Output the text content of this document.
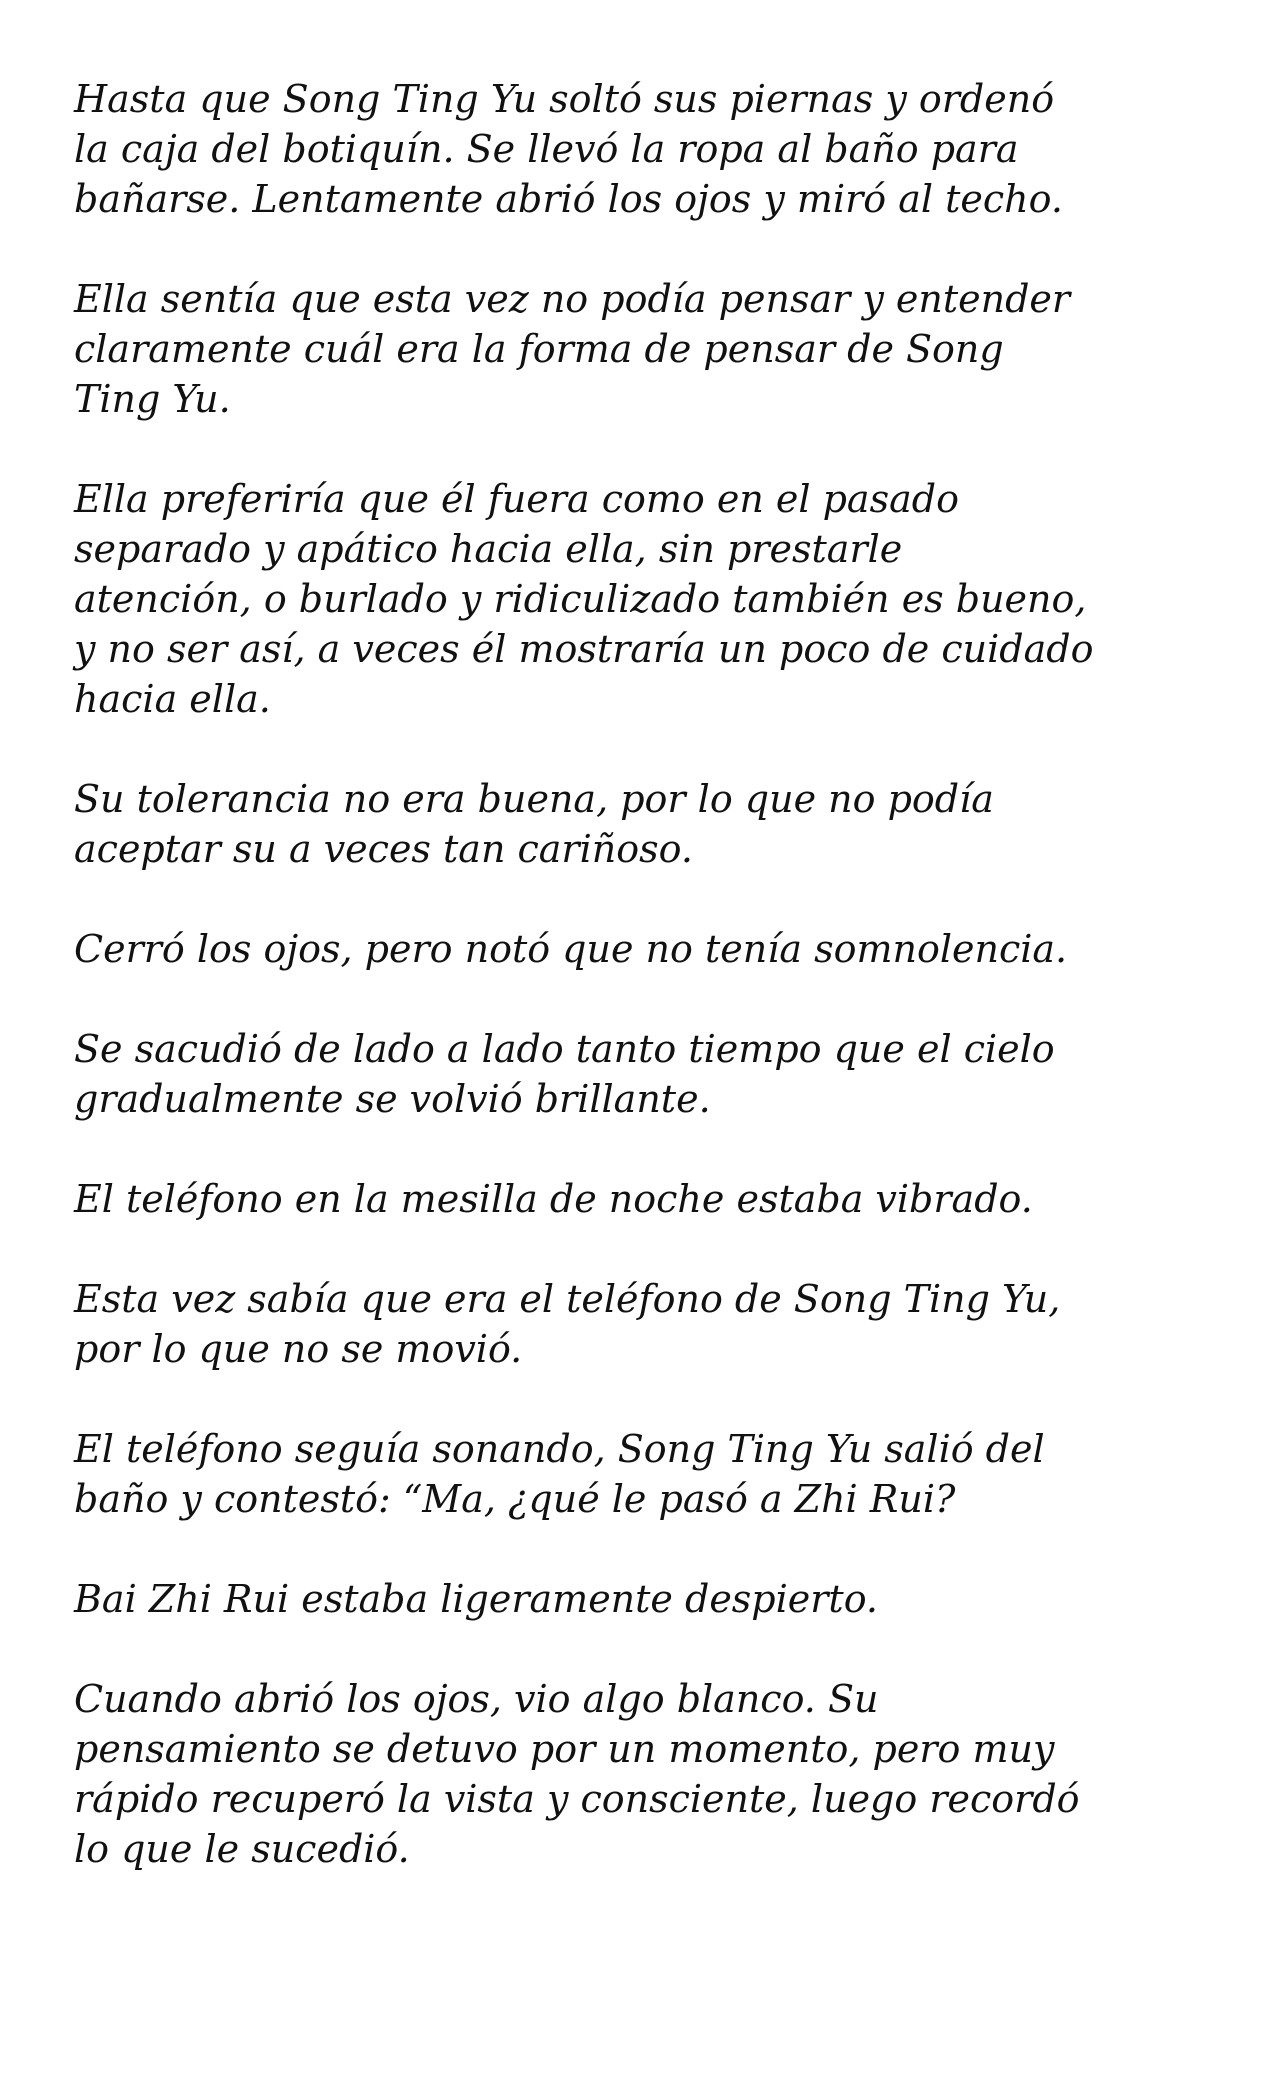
Hasta que Song Ting Yu soltó sus piernas y ordenó
la caja del botiquín. Se llevó la ropa al baño para
bañarse. Lentamente abrió los ojos y miró al techo.

Ella sentía que esta vez no podía pensar y entender
claramente cuál era la forma de pensar de Song
Ting Yu.

Ella preferiría que él fuera como en el pasado
separado y apático hacia ella, sin prestarle
atención, o burlado y ridiculizado también es bueno,
y no ser así, a veces él mostraría un poco de cuidado
hacia ella.

Su tolerancia no era buena, por lo que no podía
aceptar su a veces tan cariñoso.

Cerró los ojos, pero notó que no tenía somnolencia.

Se sacudió de lado a lado tanto tiempo que el cielo
gradualmente se volvió brillante.

El teléfono en la mesilla de noche estaba vibrado.

Esta vez sabía que era el teléfono de Song Ting Yu,
por lo que no se movió.

El teléfono seguía sonando, Song Ting Yu salió del
baño y contestó: “Ma, ¿qué le pasó a Zhi Rui?

Bai Zhi Rui estaba ligeramente despierto.

Cuando abrió los ojos, vio algo blanco. Su
pensamiento se detuvo por un momento, pero muy
rápido recuperó la vista y consciente, luego recordó
lo que le sucedió.
